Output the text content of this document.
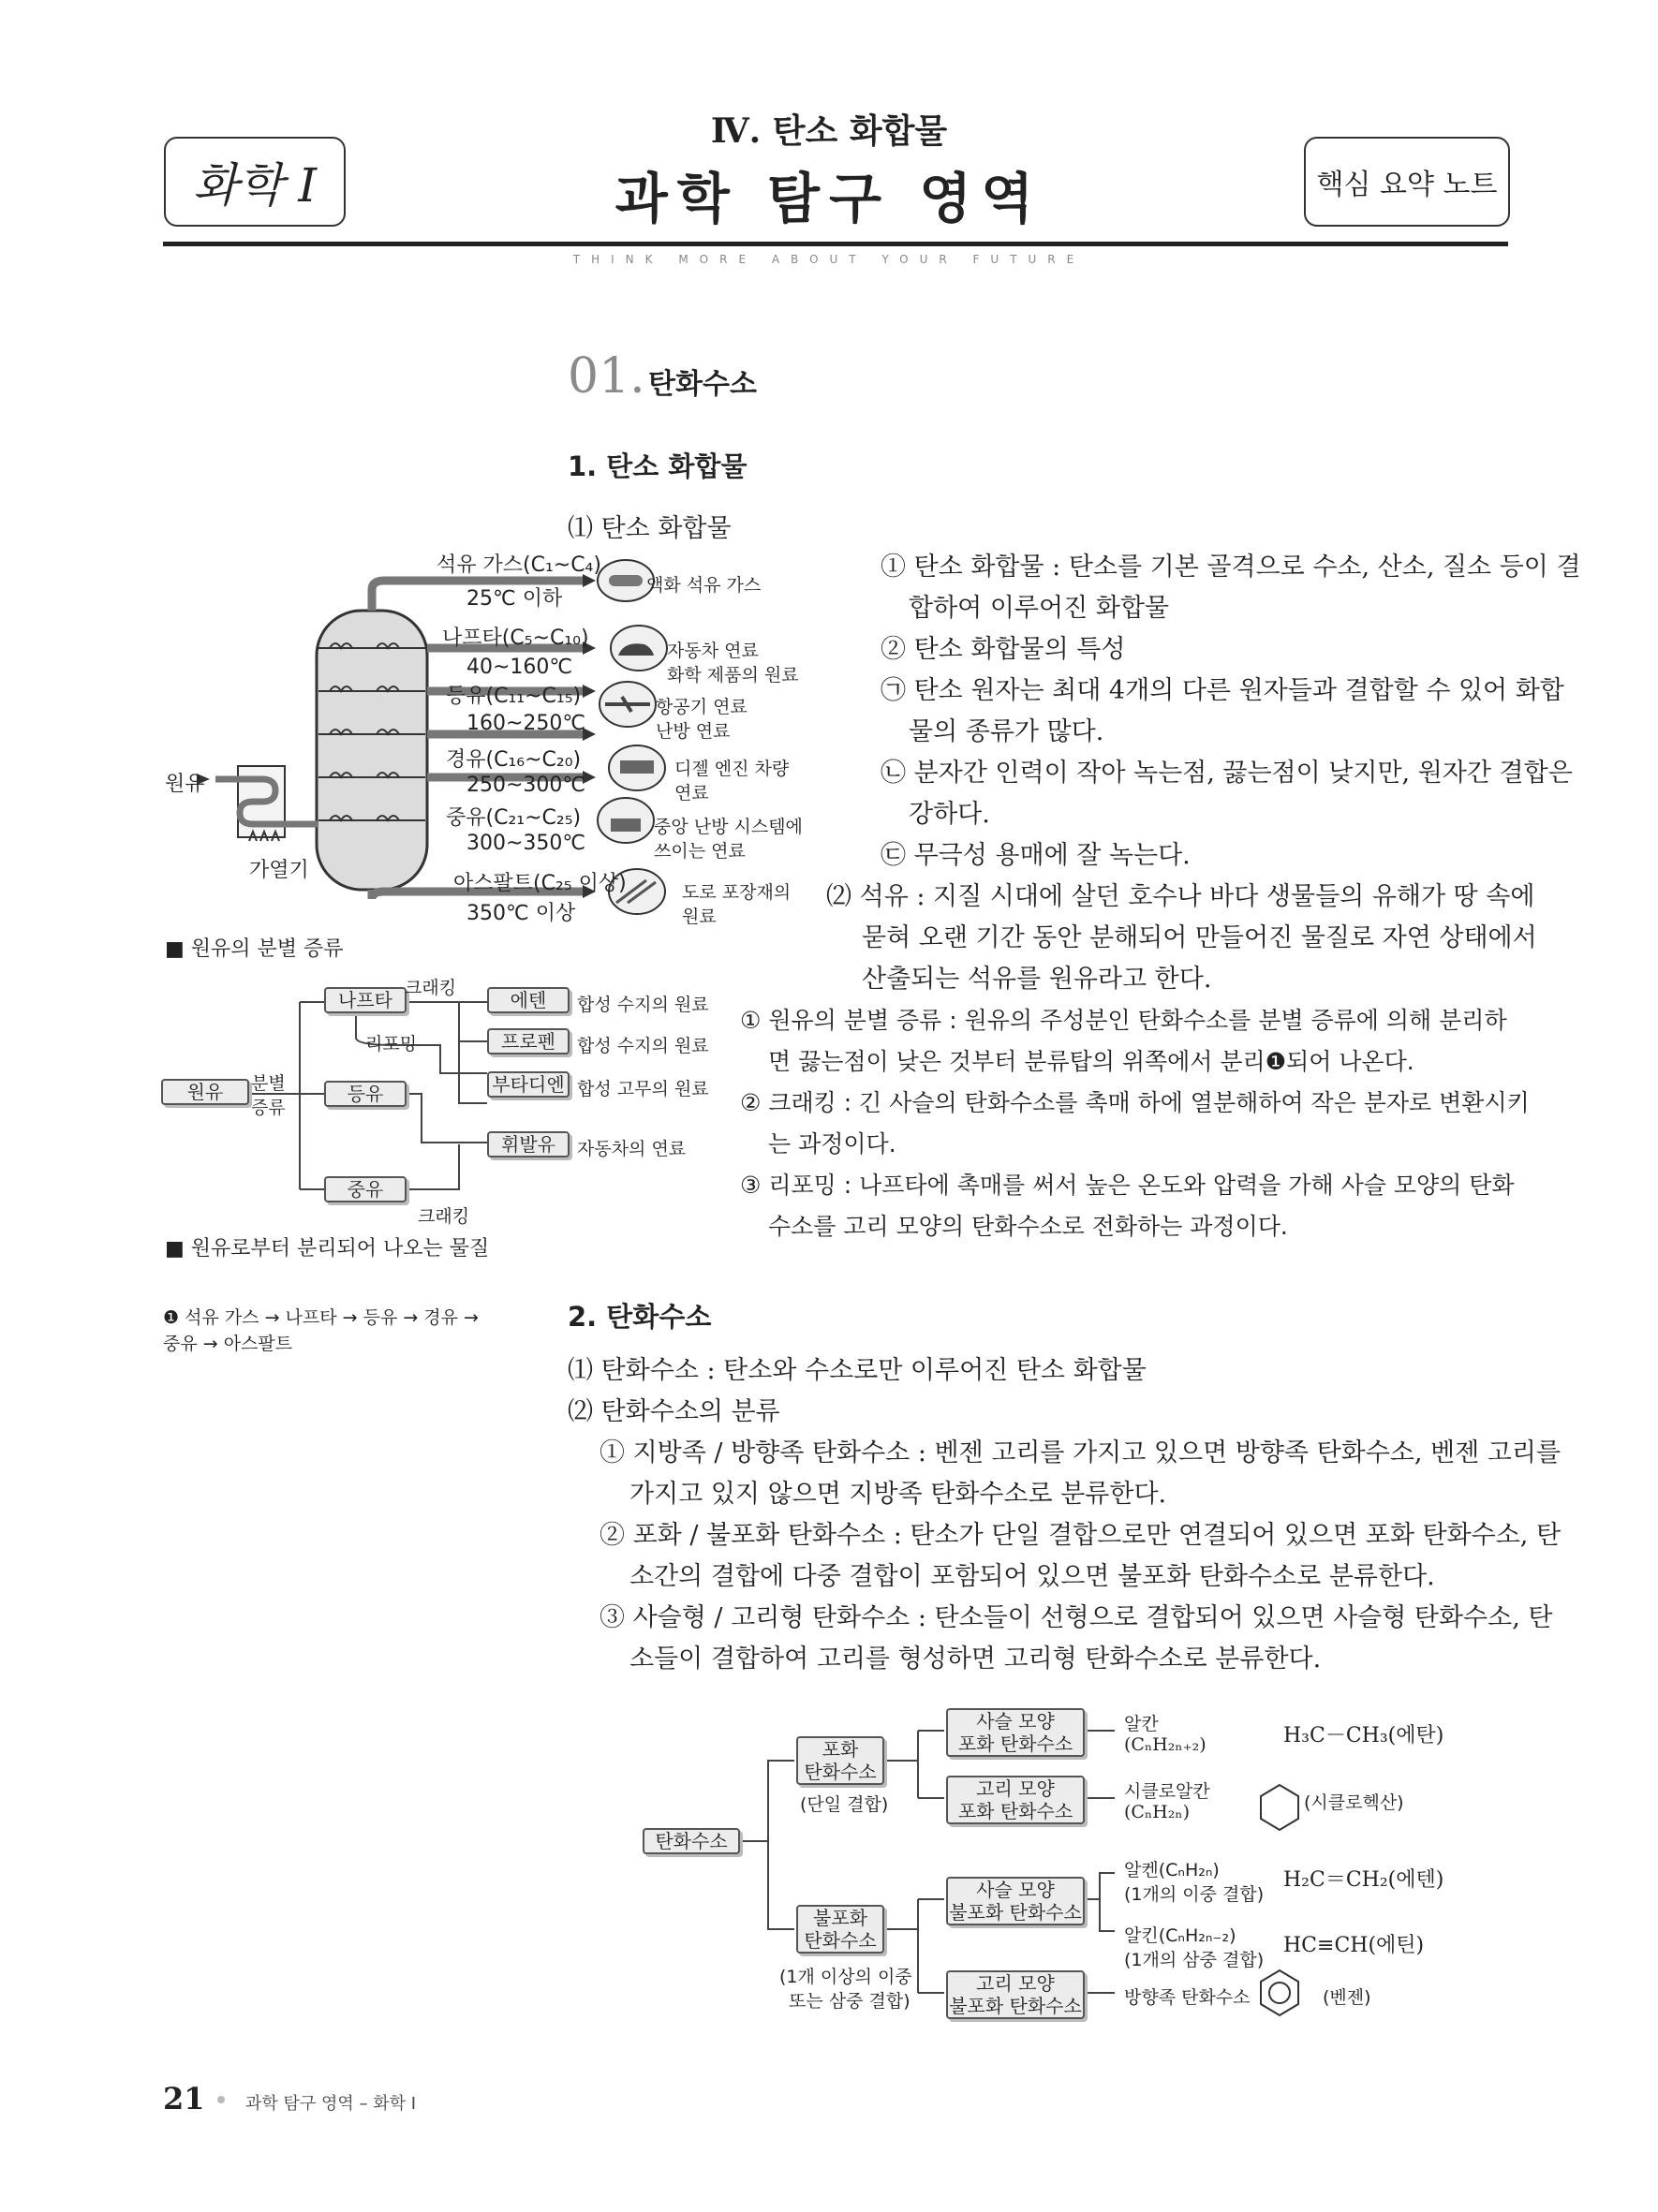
화학 I
Ⅳ. 탄소 화합물
과학 탐구 영역	핵심 요약 노트
THINK MORE ABOUT YOUR FUTURE
01. 탄화수소
1. 탄소 화합물
⑴ 탄소 화합물
① 탄소 화합물 : 탄소를 기본 골격으로 수소, 산소, 질소 등이 결
합하여 이루어진 화합물
② 탄소 화합물의 특성
㉠ 탄소 원자는 최대 4개의 다른 원자들과 결합할 수 있어 화합
물의 종류가 많다.
㉡ 분자간 인력이 작아 녹는점, 끓는점이 낮지만, 원자간 결합은
강하다.
㉢ 무극성 용매에 잘 녹는다.
⑵ 석유 : 지질 시대에 살던 호수나 바다 생물들의 유해가 땅 속에
묻혀 오랜 기간 동안 분해되어 만들어진 물질로 자연 상태에서
산출되는 석유를 원유라고 한다.
① 원유의 분별 증류 : 원유의 주성분인 탄화수소를 분별 증류에 의해 분리하
면 끓는점이 낮은 것부터 분류탑의 위쪽에서 분리❶되어 나온다.
② 크래킹 : 긴 사슬의 탄화수소를 촉매 하에 열분해하여 작은 분자로 변환시키
는 과정이다.
③ 리포밍 : 나프타에 촉매를 써서 높은 온도와 압력을 가해 사슬 모양의 탄화
수소를 고리 모양의 탄화수소로 전화하는 과정이다.
석유 가스(C₁~C₄)
25℃ 이하
액화 석유 가스
나프타(C₅~C₁₀)
40~160℃
자동차 연료
화학 제품의 원료
등유(C₁₁~C₁₅)
160~250℃
항공기 연료
난방 연료
경유(C₁₆~C₂₀)
250~300℃
디젤 엔진 차량
연료
중유(C₂₁~C₂₅)
300~350℃
중앙 난방 시스템에
쓰이는 연료
아스팔트(C₂₅ 이상)
350℃ 이상
도로 포장재의
원료
원유
가열기
■ 원유의 분별 증류
원유	분별
증류
나프타
등유
중유
크래킹
리포밍
크래킹
에텐	합성 수지의 원료
프로펜	합성 수지의 원료
부타디엔 합성 고무의 원료
휘발유	자동차의 연료
■ 원유로부터 분리되어 나오는 물질
❶ 석유 가스 → 나프타 → 등유 → 경유 →
중유 → 아스팔트
2. 탄화수소
⑴ 탄화수소 : 탄소와 수소로만 이루어진 탄소 화합물
⑵ 탄화수소의 분류
① 지방족 / 방향족 탄화수소 : 벤젠 고리를 가지고 있으면 방향족 탄화수소, 벤젠 고리를
가지고 있지 않으면 지방족 탄화수소로 분류한다.
② 포화 / 불포화 탄화수소 : 탄소가 단일 결합으로만 연결되어 있으면 포화 탄화수소, 탄
소간의 결합에 다중 결합이 포함되어 있으면 불포화 탄화수소로 분류한다.
③ 사슬형 / 고리형 탄화수소 : 탄소들이 선형으로 결합되어 있으면 사슬형 탄화수소, 탄
소들이 결합하여 고리를 형성하면 고리형 탄화수소로 분류한다.
탄화수소
포화
탄화수소
(단일 결합)
불포화
탄화수소
(1개 이상의 이중
또는 삼중 결합)
사슬 모양
포화 탄화수소
고리 모양
포화 탄화수소
사슬 모양
불포화 탄화수소
고리 모양
불포화 탄화수소
알칸
(CₙH₂ₙ₊₂)	H₃C－CH₃(에탄)
시클로알칸
(CₙH₂ₙ)	(시클로헥산)
알켄(CₙH₂ₙ)
(1개의 이중 결합)
H₂C＝CH₂(에텐)
알킨(CₙH₂ₙ₋₂)
(1개의 삼중 결합)
HC≡CH(에틴)
방향족 탄화수소	(벤젠)
21 과학 탐구 영역 – 화학 Ⅰ
